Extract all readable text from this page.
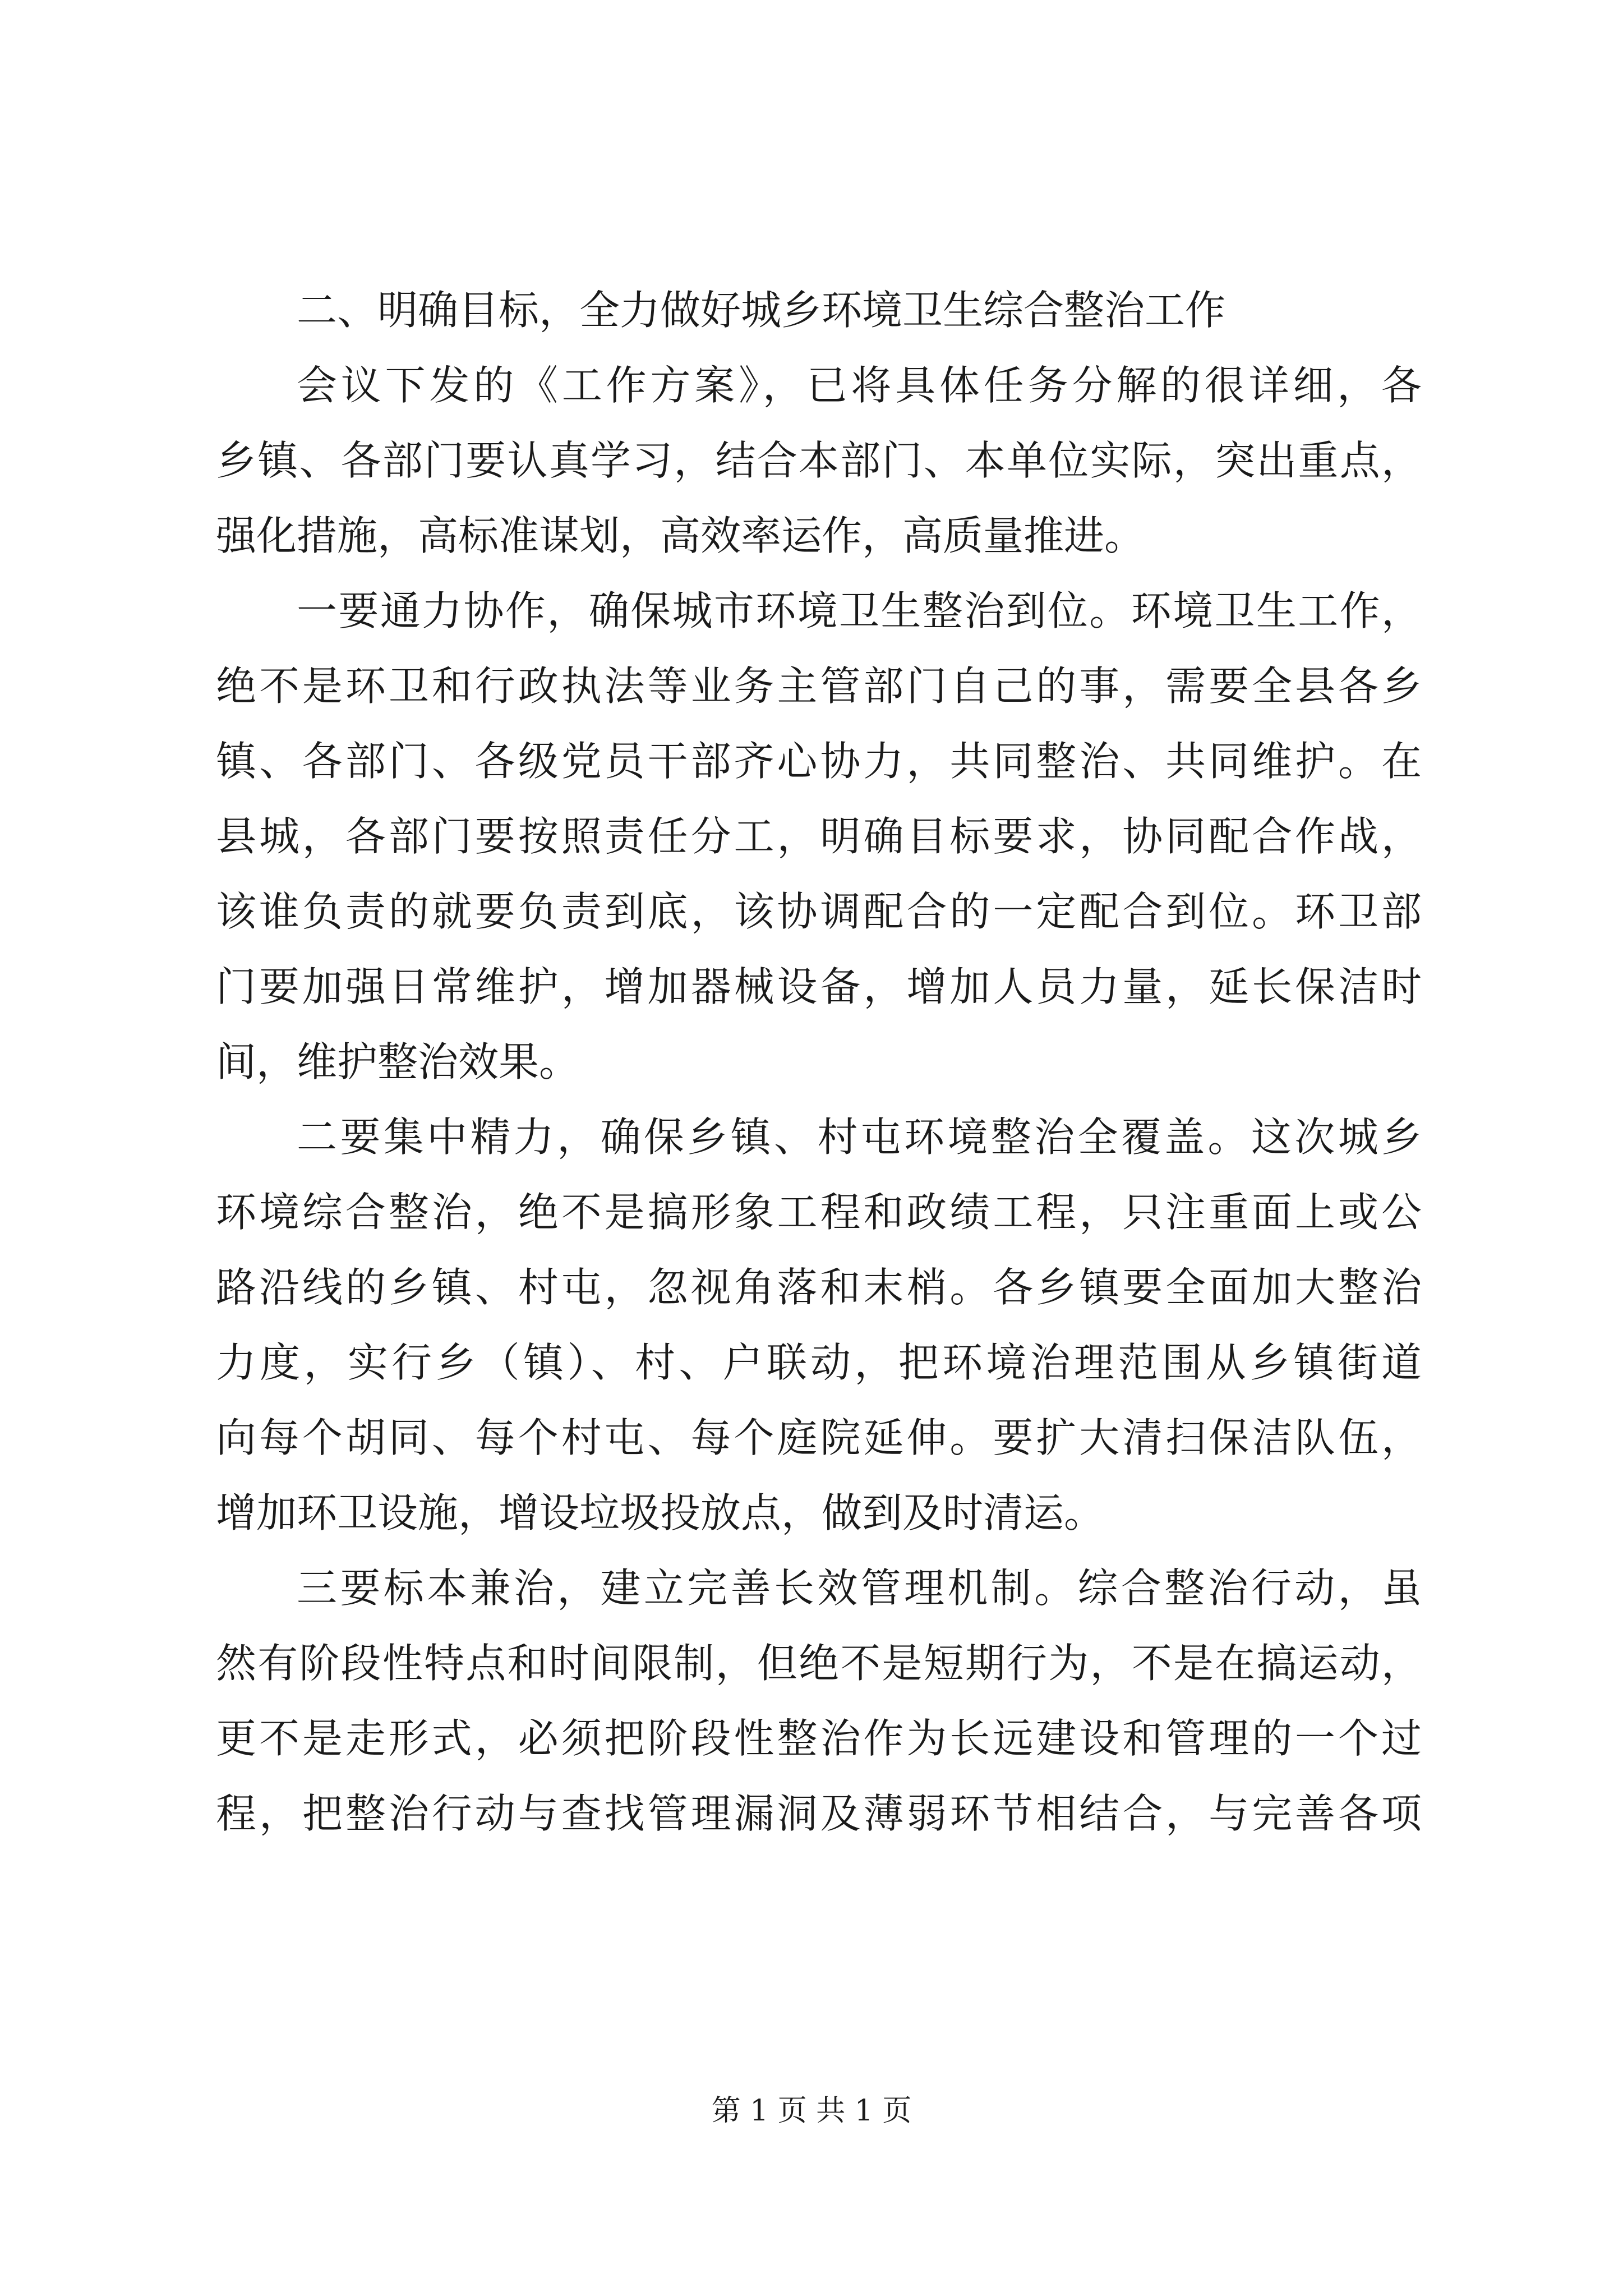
二、明确目标，全力做好城乡环境卫生综合整治工作
会议下发的《工作方案》，已将具体任务分解的很详细，各
乡镇、各部门要认真学习，结合本部门、本单位实际，突出重点，
强化措施，高标准谋划，高效率运作，高质量推进。
一要通力协作，确保城市环境卫生整治到位。环境卫生工作，
绝不是环卫和行政执法等业务主管部门自己的事，需要全县各乡
镇、各部门、各级党员干部齐心协力，共同整治、共同维护。在
县城，各部门要按照责任分工，明确目标要求，协同配合作战，
该谁负责的就要负责到底，该协调配合的一定配合到位。环卫部
门要加强日常维护，增加器械设备，增加人员力量，延长保洁时
间，维护整治效果。
二要集中精力，确保乡镇、村屯环境整治全覆盖。这次城乡
环境综合整治，绝不是搞形象工程和政绩工程，只注重面上或公
路沿线的乡镇、村屯，忽视角落和末梢。各乡镇要全面加大整治
力度，实行乡（镇）、村、户联动，把环境治理范围从乡镇街道
向每个胡同、每个村屯、每个庭院延伸。要扩大清扫保洁队伍，
增加环卫设施，增设垃圾投放点，做到及时清运。
三要标本兼治，建立完善长效管理机制。综合整治行动，虽
然有阶段性特点和时间限制，但绝不是短期行为，不是在搞运动，
更不是走形式，必须把阶段性整治作为长远建设和管理的一个过
程，把整治行动与查找管理漏洞及薄弱环节相结合，与完善各项
第 1 页 共 1 页
